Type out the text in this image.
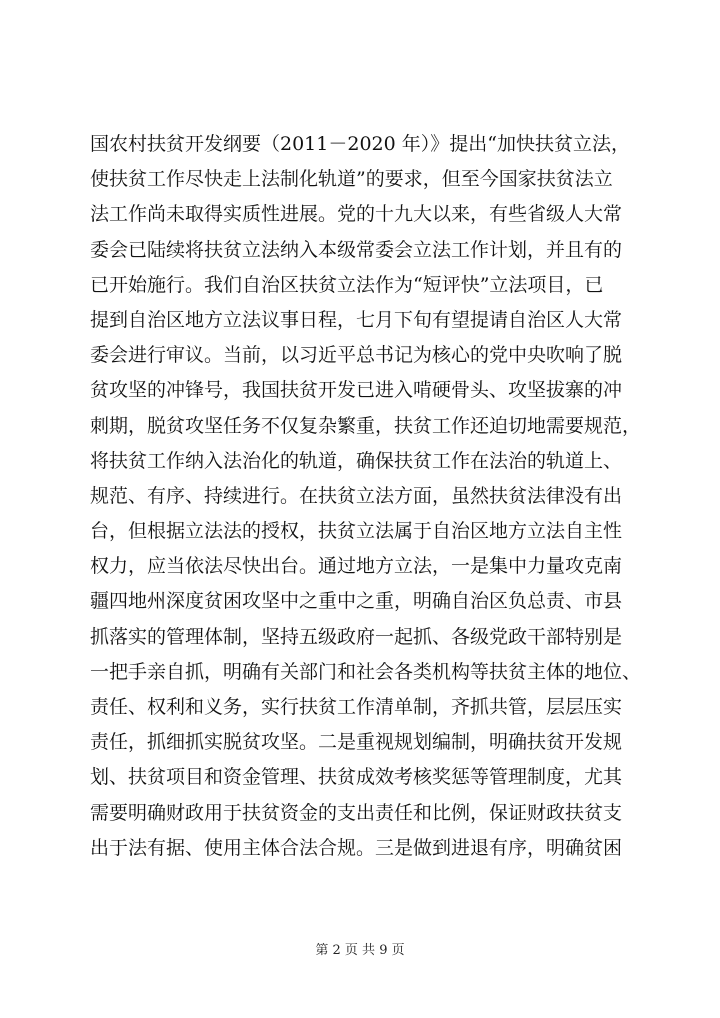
国农村扶贫开发纲要（2011－2020 年）》提出“加快扶贫立法，
使扶贫工作尽快走上法制化轨道”的要求，但至今国家扶贫法立
法工作尚未取得实质性进展。党的十九大以来，有些省级人大常
委会已陆续将扶贫立法纳入本级常委会立法工作计划，并且有的
已开始施行。我们自治区扶贫立法作为“短评快”立法项目，已
提到自治区地方立法议事日程，七月下旬有望提请自治区人大常
委会进行审议。当前，以习近平总书记为核心的党中央吹响了脱
贫攻坚的冲锋号，我国扶贫开发已进入啃硬骨头、攻坚拔寨的冲
刺期，脱贫攻坚任务不仅复杂繁重，扶贫工作还迫切地需要规范，
将扶贫工作纳入法治化的轨道，确保扶贫工作在法治的轨道上、
规范、有序、持续进行。在扶贫立法方面，虽然扶贫法律没有出
台，但根据立法法的授权，扶贫立法属于自治区地方立法自主性
权力，应当依法尽快出台。通过地方立法，一是集中力量攻克南
疆四地州深度贫困攻坚中之重中之重，明确自治区负总责、市县
抓落实的管理体制，坚持五级政府一起抓、各级党政干部特别是
一把手亲自抓，明确有关部门和社会各类机构等扶贫主体的地位、
责任、权利和义务，实行扶贫工作清单制，齐抓共管，层层压实
责任，抓细抓实脱贫攻坚。二是重视规划编制，明确扶贫开发规
划、扶贫项目和资金管理、扶贫成效考核奖惩等管理制度，尤其
需要明确财政用于扶贫资金的支出责任和比例，保证财政扶贫支
出于法有据、使用主体合法合规。三是做到进退有序，明确贫困
第 2 页 共 9 页
